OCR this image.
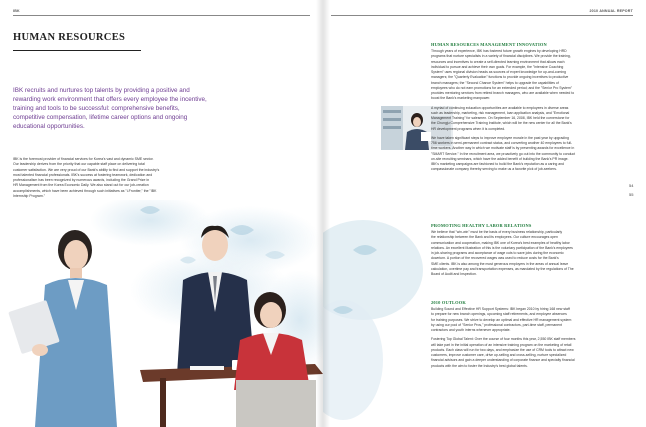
IBK
HUMAN RESOURCES
IBK recruits and nurtures top talents by providing a positive and
rewarding work environment that offers every employee the incentive,
training and tools to be successful: comprehensive benefits,
competitive compensation, lifetime career options and ongoing
educational opportunities.
IBK is the foremost provider of financial services for Korea's vast and dynamic SME sector.
Our leadership derives from the priority that our capable staff place on delivering total
customer satisfaction. We are very proud of our Bank's ability to find and support the industry's
most talented financial professionals. IBK's success at fostering teamwork, dedication and
professionalism has been recognized by numerous awards, including the Grand Prize in
HR Management from the Korea Economic Daily. We also stand out for our job-creation
accomplishments, which have been achieved through such initiatives as "i-Frontier," the "IBK
Internship Program."
2010 ANNUAL REPORT
54
55
HUMAN RESOURCES MANAGEMENT INNOVATION
Through years of experience, IBK has fostered future growth engines by developing HRD
programs that nurture specialists in a variety of financial disciplines. We provide the training,
resources and incentives to create a self-directed learning environment that allows each
individual to pursue and achieve their own goals. For example, the "Intensive Coaching
System" uses regional division heads as sources of expert knowledge for up-and-coming
managers; the "Quarterly Evaluation" functions to provide ongoing incentives to productive
branch managers; the "Second Chance System" helps to upgrade the capabilities of
employees who do not earn promotions for an extended period; and the "Senior Pro System"
provides mentoring services from retired branch managers, who are available when needed to
boost the Bank's marketing manpower.
A myriad of continuing education opportunities are available to employees in diverse areas
such as leadership, marketing, risk management, loan application analysis, and "Emotional
Management Training" for salesmen. On September 16, 2008, IBK held the cornerstone for
the Chungju Comprehensive Training Institute, which will be the new center for all the Bank's
HR development programs when it is completed.
We have taken significant steps to improve employee morale in the past year by upgrading
756 workers in semi-permanent contract status, and converting another 40 employees to full-
time workers. Another way in which we motivate staff is by presenting awards for excellence in
"SMART Service." In the recruitment area, we proactively go out into the community to conduct
on-site recruiting seminars, which have the added benefit of building the Bank's PR image.
IBK's marketing campaigns are fashioned to build the Bank's reputation as a caring and
compassionate company thereby serving to make us a favorite pick of job-seekers.
PROMOTING HEALTHY LABOR RELATIONS
We believe that "win-win" must be the basis of every business relationship, particularly
the relationship between the Bank and its employees. Our culture encourages open
communication and cooperation, making IBK one of Korea's best examples of healthy labor
relations. An excellent illustration of this is the voluntary participation of the Bank's employees
in job-sharing programs and acceptance of wage cuts to save jobs during the economic
downturn. A portion of the recovered wages was used to reduce costs for the Bank's
SME clients. IBK is also among the most generous employers in the areas of annual leave
calculation, overtime pay and transportation expenses, as mandated by the regulations of The
Board of Audit and Inspection.
2010 OUTLOOK
Building Sound and Effective HR Support Systems: IBK began 2010 by hiring 168 new staff
to prepare for new branch openings, upcoming staff retirements, and employee absences
for training purposes. We strive to develop an optimal and effective HR management system
by using our pool of "Senior Pros," professional contractors, part-time staff, permanent
contractors and youth interns whenever appropriate.
Fostering Top Global Talent: Over the course of four months this year, 2,550 IBK staff members
will take part in the initial operation of an intensive training program on the marketing of retail
products. Each class will run for two days, and emphasize the use of CRM tools to attract new
customers, improve customer care, drive up-selling and cross-selling, nurture specialized
financial advisors and gain a deeper understanding of corporate finance and specialty financial
products with the aim to foster the Industry's best global talents.
